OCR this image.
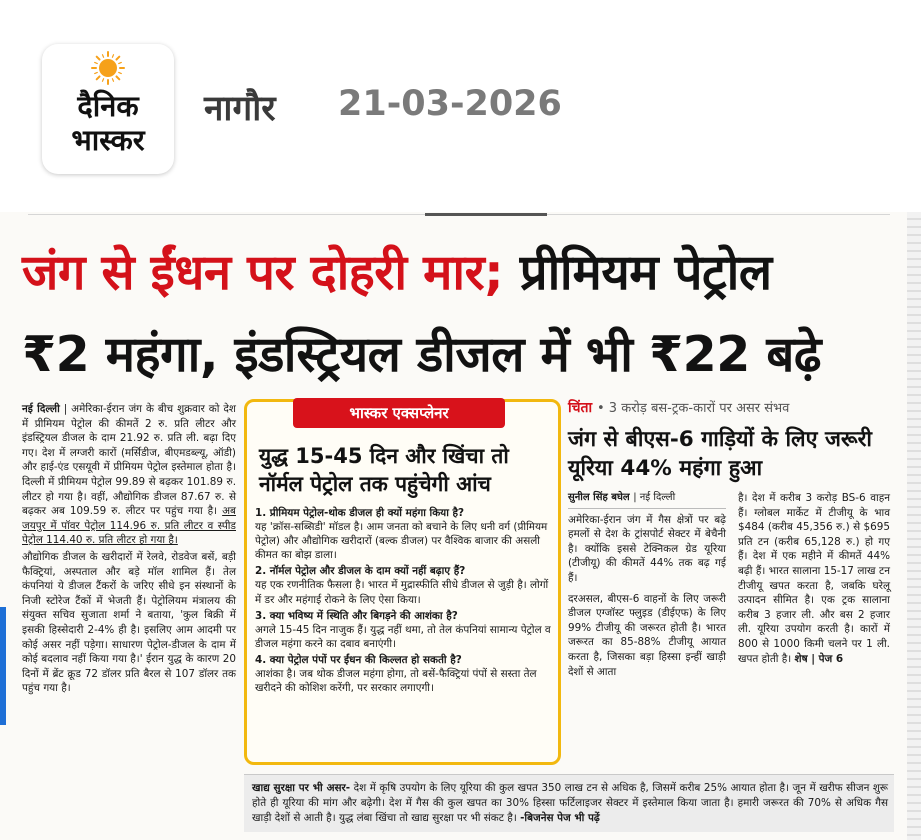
दैनिक
भास्कर
नागौर 21-03-2026
जंग से ईंधन पर दोहरी मार; प्रीमियम पेट्रोल
₹2 महंगा, इंडस्ट्रियल डीजल में भी ₹22 बढ़े

नई दिल्ली | अमेरिका-ईरान जंग के बीच शुक्रवार को देश में प्रीमियम पेट्रोल की कीमतें 2 रु. प्रति लीटर और इंडस्ट्रियल डीजल के दाम 21.92 रु. प्रति ली. बढ़ा दिए गए। देश में लग्जरी कारों (मर्सिडीज, बीएमडब्ल्यू, ऑडी) और हाई-एंड एसयूवी में प्रीमियम पेट्रोल इस्तेमाल होता है। दिल्ली में प्रीमियम पेट्रोल 99.89 से बढ़कर 101.89 रु. लीटर हो गया है। वहीं, औद्योगिक डीजल 87.67 रु. से बढ़कर अब 109.59 रु. लीटर पर पहुंच गया है। अब जयपुर में पॉवर पेट्रोल 114.96 रु. प्रति लीटर व स्पीड पेट्रोल 114.40 रु. प्रति लीटर हो गया है।

औद्योगिक डीजल के खरीदारों में रेलवे, रोडवेज बसें, बड़ी फैक्ट्रियां, अस्पताल और बड़े मॉल शामिल हैं। तेल कंपनियां ये डीजल टैंकरों के जरिए सीधे इन संस्थानों के निजी स्टोरेज टैंकों में भेजती हैं। पेट्रोलियम मंत्रालय की संयुक्त सचिव सुजाता शर्मा ने बताया, 'कुल बिक्री में इसकी हिस्सेदारी 2-4% ही है। इसलिए आम आदमी पर कोई असर नहीं पड़ेगा। साधारण पेट्रोल-डीजल के दाम में कोई बदलाव नहीं किया गया है।' ईरान युद्ध के कारण 20 दिनों में ब्रेंट क्रूड 72 डॉलर प्रति बैरल से 107 डॉलर तक पहुंच गया है।

भास्कर एक्सप्लेनर
युद्ध 15-45 दिन और खिंचा तो नॉर्मल पेट्रोल तक पहुंचेगी आंच
1. प्रीमियम पेट्रोल-थोक डीजल ही क्यों महंगा किया है?
यह 'क्रॉस-सब्सिडी' मॉडल है। आम जनता को बचाने के लिए धनी वर्ग (प्रीमियम पेट्रोल) और औद्योगिक खरीदारों (बल्क डीजल) पर वैश्विक बाजार की असली कीमत का बोझ डाला।
2. नॉर्मल पेट्रोल और डीजल के दाम क्यों नहीं बढ़ाए हैं?
यह एक रणनीतिक फैसला है। भारत में मुद्रास्फीति सीधे डीजल से जुड़ी है। लोगों में डर और महंगाई रोकने के लिए ऐसा किया।
3. क्या भविष्य में स्थिति और बिगड़ने की आशंका है?
अगले 15-45 दिन नाजुक हैं। युद्ध नहीं थमा, तो तेल कंपनियां सामान्य पेट्रोल व डीजल महंगा करने का दबाव बनाएंगी।
4. क्या पेट्रोल पंपों पर ईंधन की किल्लत हो सकती है?
आशंका है। जब थोक डीजल महंगा होगा, तो बसें-फैक्ट्रियां पंपों से सस्ता तेल खरीदने की कोशिश करेंगी, पर सरकार लगाएगी।
चिंता • 3 करोड़ बस-ट्रक-कारों पर असर संभव
जंग से बीएस-6 गाड़ियों के लिए जरूरी यूरिया 44% महंगा हुआ
सुनील सिंह बघेल | नई दिल्ली
अमेरिका-ईरान जंग में गैस क्षेत्रों पर बढ़े हमलों से देश के ट्रांसपोर्ट सेक्टर में बेचैनी है। क्योंकि इससे टेक्निकल ग्रेड यूरिया (टीजीयू) की कीमतें 44% तक बढ़ गई हैं।
दरअसल, बीएस-6 वाहनों के लिए जरूरी डीजल एग्जॉस्ट फ्लुइड (डीईएफ) के लिए 99% टीजीयू की जरूरत होती है। भारत जरूरत का 85-88% टीजीयू आयात करता है, जिसका बड़ा हिस्सा इन्हीं खाड़ी देशों से आता
है। देश में करीब 3 करोड़ BS-6 वाहन हैं। ग्लोबल मार्केट में टीजीयू के भाव $484 (करीब 45,356 रु.) से $695 प्रति टन (करीब 65,128 रु.) हो गए हैं। देश में एक महीने में कीमतें 44% बढ़ी हैं। भारत सालाना 15-17 लाख टन टीजीयू खपत करता है, जबकि घरेलू उत्पादन सीमित है। एक ट्रक सालाना करीब 3 हजार ली. और बस 2 हजार ली. यूरिया उपयोग करती है। कारों में 800 से 1000 किमी चलने पर 1 ली. खपत होती है। शेष | पेज 6
खाद्य सुरक्षा पर भी असर- देश में कृषि उपयोग के लिए यूरिया की कुल खपत 350 लाख टन से अधिक है, जिसमें करीब 25% आयात होता है। जून में खरीफ सीजन शुरू होते ही यूरिया की मांग और बढ़ेगी। देश में गैस की कुल खपत का 30% हिस्सा फर्टिलाइजर सेक्टर में इस्तेमाल किया जाता है। हमारी जरूरत की 70% से अधिक गैस खाड़ी देशों से आती है। युद्ध लंबा खिंचा तो खाद्य सुरक्षा पर भी संकट है। -बिजनेस पेज भी पढ़ें
